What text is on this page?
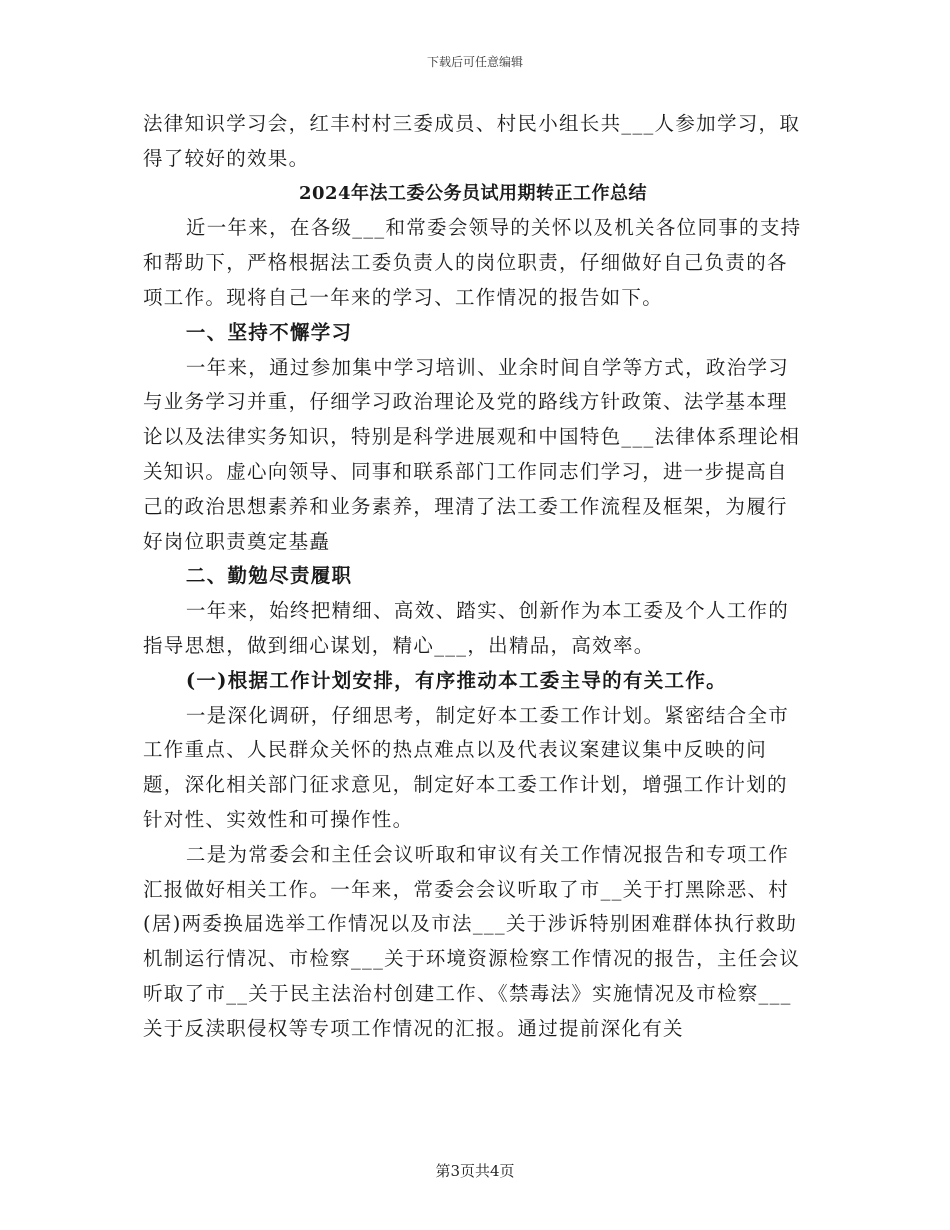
下载后可任意编辑

法律知识学习会，红丰村村三委成员、村民小组长共___人参加学习，取得了较好的效果。

2024年法工委公务员试用期转正工作总结

近一年来，在各级___和常委会领导的关怀以及机关各位同事的支持和帮助下，严格根据法工委负责人的岗位职责，仔细做好自己负责的各项工作。现将自己一年来的学习、工作情况的报告如下。

一、坚持不懈学习

一年来，通过参加集中学习培训、业余时间自学等方式，政治学习与业务学习并重，仔细学习政治理论及党的路线方针政策、法学基本理论以及法律实务知识，特别是科学进展观和中国特色___法律体系理论相关知识。虚心向领导、同事和联系部门工作同志们学习，进一步提高自己的政治思想素养和业务素养，理清了法工委工作流程及框架，为履行好岗位职责奠定基矗

二、勤勉尽责履职

一年来，始终把精细、高效、踏实、创新作为本工委及个人工作的指导思想，做到细心谋划，精心___，出精品，高效率。

(一)根据工作计划安排，有序推动本工委主导的有关工作。

一是深化调研，仔细思考，制定好本工委工作计划。紧密结合全市工作重点、人民群众关怀的热点难点以及代表议案建议集中反映的问题，深化相关部门征求意见，制定好本工委工作计划，增强工作计划的针对性、实效性和可操作性。

二是为常委会和主任会议听取和审议有关工作情况报告和专项工作汇报做好相关工作。一年来，常委会会议听取了市__关于打黑除恶、村(居)两委换届选举工作情况以及市法___关于涉诉特别困难群体执行救助机制运行情况、市检察___关于环境资源检察工作情况的报告，主任会议听取了市__关于民主法治村创建工作、《禁毒法》实施情况及市检察___关于反渎职侵权等专项工作情况的汇报。通过提前深化有关

第3页共4页
